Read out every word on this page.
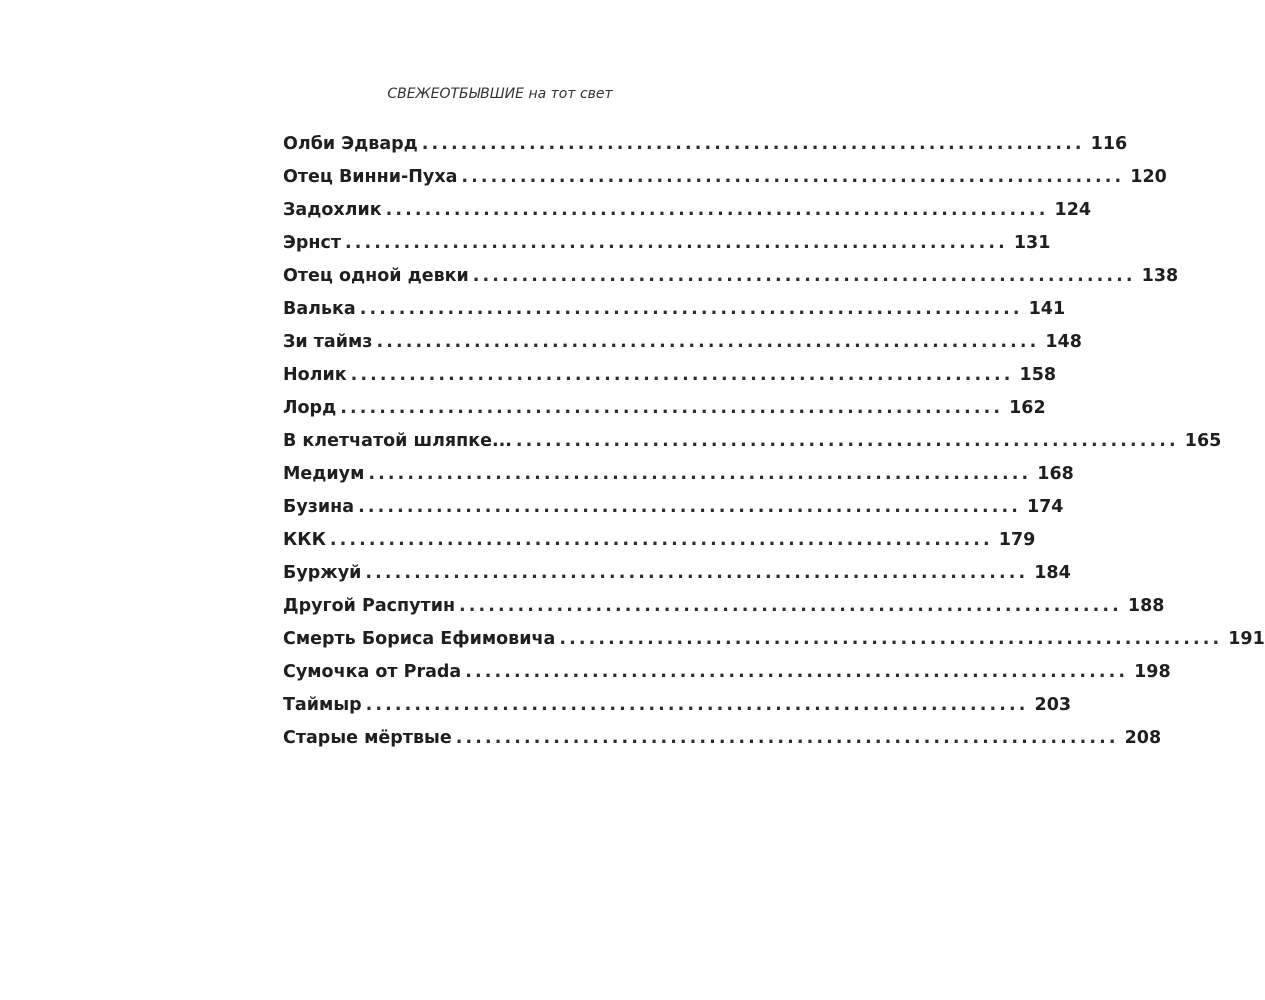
СВЕЖЕОТБЫВШИЕ на тот свет
Олби Эдвард .................................................................... 116
Отец Винни-Пуха .................................................................... 120
Задохлик .................................................................... 124
Эрнст .................................................................... 131
Отец одной девки .................................................................... 138
Валька .................................................................... 141
Зи таймз .................................................................... 148
Нолик .................................................................... 158
Лорд .................................................................... 162
В клетчатой шляпке... .................................................................... 165
Медиум .................................................................... 168
Бузина .................................................................... 174
ККК .................................................................... 179
Буржуй .................................................................... 184
Другой Распутин .................................................................... 188
Смерть Бориса Ефимовича .................................................................... 191
Сумочка от Prada .................................................................... 198
Таймыр .................................................................... 203
Старые мёртвые .................................................................... 208
